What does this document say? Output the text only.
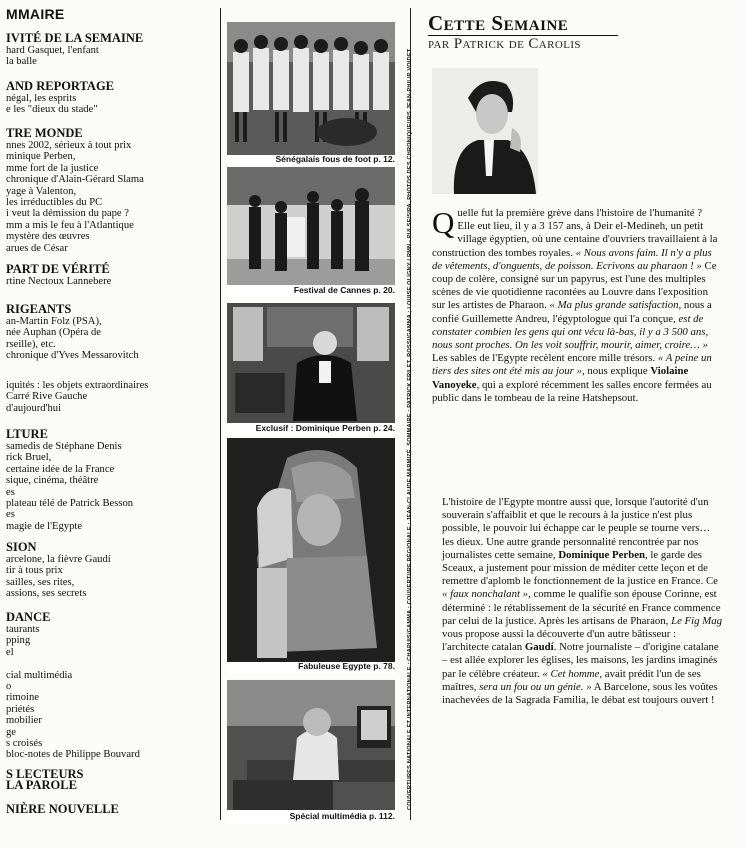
MMAIRE
IVITÉ DE LA SEMAINE
hard Gasquet, l'enfant
la balle
AND REPORTAGE
négal, les esprits
e les "dieux du stade"
TRE MONDE
nnes 2002, sérieux à tout prix
minique Perben,
mme fort de la justice
chronique d'Alain-Gérard Slama
yage à Valenton,
les irréductibles du PC
i veut la démission du pape ?
mm a mis le feu à l'Atlantique
mystère des œuvres
arues de César
PART DE VÉRITÉ
rtine Nectoux Lannebere
RIGEANTS
an-Martin Folz (PSA),
née Auphan (Opéra de
rseille), etc.
chronique d'Yves Messarovitch
iquités : les objets extraordinaires
Carré Rive Gauche
d'aujourd'hui
LTURE
samedis de Stéphane Denis
rick Bruel,
certaine idée de la France
sique, cinéma, théâtre
es
plateau télé de Patrick Besson
es
magie de l'Egypte
SION
arcelone, la fièvre Gaudí
tir à tous prix
sailles, ses rites,
assions, ses secrets
DANCE
taurants
pping
el

cial multimédia
o
rimoine
priétés
mobilier
ge
s croisés
bloc-notes de Philippe Bouvard
S LECTEURS
LA PAROLE
NIÈRE NOUVELLE
Sénégalais fous de foot p. 12.
Festival de Cannes p. 20.
Exclusif : Dominique Perben p. 24.
Fabuleuse Egypte p. 78.
Spécial multimédia p. 112.
COUVERTURES NATIONALE ET INTERNATIONALE : CHAPUIS/GAMMA ; COUVERTURE RÉGIONALE : JEAN-CLAUDE MARMIZÉ. SOMMAIRE : PATRICK FRILET, ROSSI/GAMMA ; LOUISE OLIGNY / RMN - PULSE/SIPA. PHOTOS DES CHRONIQUEURS JEAN-PHILIP VOIDET
Cette Semaine
par Patrick de Carolis

Quelle fut la première grève dans l'histoire de l'humanité ? Elle eut lieu, il y a 3 157 ans, à Deir el-Medineh, un petit village égyptien, où une centaine d'ouvriers travaillaient à la construction des tombes royales. « Nous avons faim. Il n'y a plus de vêtements, d'onguents, de poisson. Ecrivons au pharaon ! » Ce coup de colère, consigné sur un papyrus, est l'une des multiples scènes de vie quotidienne racontées au Louvre dans l'exposition sur les artistes de Pharaon. « Ma plus grande satisfaction, nous a confié Guillemette Andreu, l'égyptologue qui l'a conçue, est de constater combien les gens qui ont vécu là-bas, il y a 3 500 ans, nous sont proches. On les voit souffrir, mourir, aimer, croire… » Les sables de l'Egypte recèlent encore mille trésors. « A peine un tiers des sites ont été mis au jour », nous explique Violaine Vanoyeke, qui a exploré récemment les salles encore fermées au public dans le tombeau de la reine Hatshepsout.

L'histoire de l'Egypte montre aussi que, lorsque l'autorité d'un souverain s'affaiblit et que le recours à la justice n'est plus possible, le pouvoir lui échappe car le peuple se tourne vers… les dieux. Une autre grande personnalité rencontrée par nos journalistes cette semaine, Dominique Perben, le garde des Sceaux, a justement pour mission de méditer cette leçon et de remettre d'aplomb le fonctionnement de la justice en France. Ce « faux nonchalant », comme le qualifie son épouse Corinne, est déterminé : le rétablissement de la sécurité en France commence par celui de la justice. Après les artisans de Pharaon, Le Fig Mag vous propose aussi la découverte d'un autre bâtisseur : l'architecte catalan Gaudí. Notre journaliste – d'origine catalane – est allée explorer les églises, les maisons, les jardins imaginés par le célèbre créateur. « Cet homme, avait prédit l'un de ses maîtres, sera un fou ou un génie. » A Barcelone, sous les voûtes inachevées de la Sagrada Familia, le débat est toujours ouvert !
